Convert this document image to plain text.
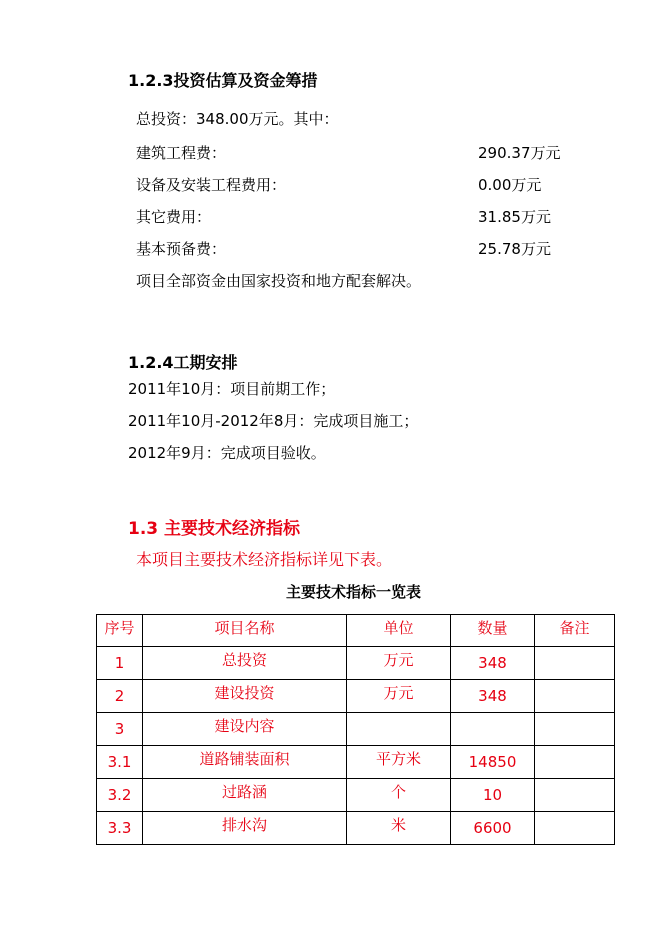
1.2.3投资估算及资金筹措
总投资：348.00万元。其中：
建筑工程费：	290.37万元
设备及安装工程费用：	0.00万元
其它费用：	31.85万元
基本预备费：	25.78万元
项目全部资金由国家投资和地方配套解决。
1.2.4工期安排
2011年10月：项目前期工作；
2011年10月-2012年8月：完成项目施工；
2012年9月：完成项目验收。
1.3 主要技术经济指标
本项目主要技术经济指标详见下表。
主要技术指标一览表
序号	项目名称	单位	数量	备注
1	总投资	万元	348	
2	建设投资	万元	348	
3	建设内容			
3.1	道路铺装面积	平方米	14850	
3.2	过路涵	个	10	
3.3	排水沟	米	6600	
